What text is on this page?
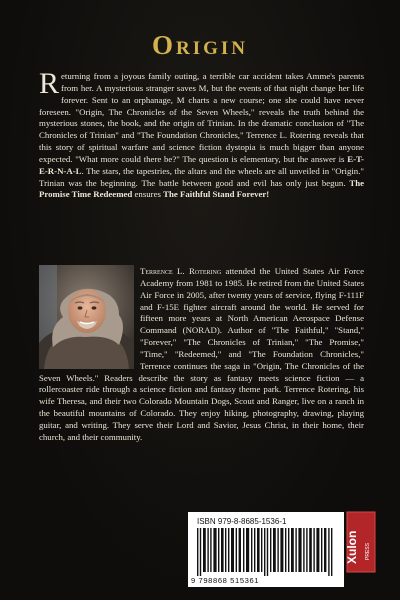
Origin

Returning from a joyous family outing, a terrible car accident takes Amme's parents from her. A mysterious stranger saves M, but the events of that night change her life forever. Sent to an orphanage, M charts a new course; one she could have never foreseen. "Origin, The Chronicles of the Seven Wheels," reveals the truth behind the mysterious stones, the book, and the origin of Trinian. In the dramatic conclusion of "The Chronicles of Trinian" and "The Foundation Chronicles," Terrence L. Rotering reveals that this story of spiritual warfare and science fiction dystopia is much bigger than anyone expected. "What more could there be?" The question is elementary, but the answer is E-T-E-R-N-A-L. The stars, the tapestries, the altars and the wheels are all unveiled in "Origin." Trinian was the beginning. The battle between good and evil has only just begun. The Promise Time Redeemed ensures The Faithful Stand Forever!

Terrence L. Rotering attended the United States Air Force Academy from 1981 to 1985. He retired from the United States Air Force in 2005, after twenty years of service, flying F-111F and F-15E fighter aircraft around the world. He served for fifteen more years at North American Aerospace Defense Command (NORAD). Author of "The Faithful," "Stand," "Forever," "The Chronicles of Trinian," "The Promise," "Time," "Redeemed," and "The Foundation Chronicles," Terrence continues the saga in "Origin, The Chronicles of the Seven Wheels." Readers describe the story as fantasy meets science fiction — a rollercoaster ride through a science fiction and fantasy theme park. Terrence Rotering, his wife Theresa, and their two Colorado Mountain Dogs, Scout and Ranger, live on a ranch in the beautiful mountains of Colorado. They enjoy hiking, photography, drawing, playing guitar, and writing. They serve their Lord and Savior, Jesus Christ, in their home, their church, and their community.

ISBN 979-8-8685-1536-1
9 798868 515361
Xulon PRESS
